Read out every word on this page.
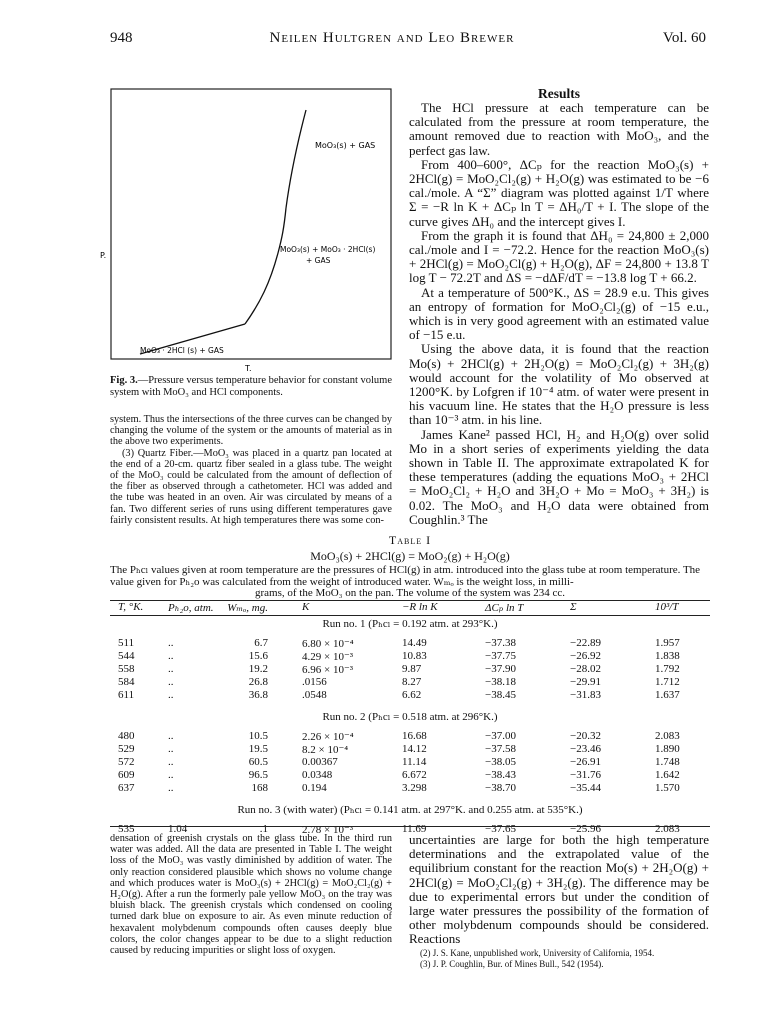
948	Neilen Hultgren and Leo Brewer	Vol. 60
MoO₃(s) + GAS
MoO₃(s) + MoO₃ · 2HCl(s)
+ GAS
MoO₃ · 2HCl (s) + GAS
P.
T.
Fig. 3.—Pressure versus temperature behavior for constant volume system with MoO₃ and HCl components.

system. Thus the intersections of the three curves can be changed by changing the volume of the system or the amounts of material as in the above two experiments.

(3) Quartz Fiber.—MoO₃ was placed in a quartz pan located at the end of a 20-cm. quartz fiber sealed in a glass tube. The weight of the MoO₃ could be calculated from the amount of deflection of the fiber as observed through a cathetometer. HCl was added and the tube was heated in an oven. Air was circulated by means of a fan. Two different series of runs using different temperatures gave fairly consistent results. At high temperatures there was some con-

Results

The HCl pressure at each temperature can be calculated from the pressure at room temperature, the amount removed due to reaction with MoO₃, and the perfect gas law.

From 400–600°, ΔCₚ for the reaction MoO₃(s) + 2HCl(g) = MoO₂Cl₂(g) + H₂O(g) was estimated to be −6 cal./mole. A “Σ” diagram was plotted against 1/T where Σ = −R ln K + ΔCₚ ln T = ΔH₀/T + I. The slope of the curve gives ΔH₀ and the intercept gives I.

From the graph it is found that ΔH₀ = 24,800 ± 2,000 cal./mole and I = −72.2. Hence for the reaction MoO₃(s) + 2HCl(g) = MoO₂Cl(g) + H₂O(g), ΔF = 24,800 + 13.8 T log T − 72.2T and ΔS = −dΔF/dT = −13.8 log T + 66.2.

At a temperature of 500°K., ΔS = 28.9 e.u. This gives an entropy of formation for MoO₂Cl₂(g) of −15 e.u., which is in very good agreement with an estimated value of −15 e.u.

Using the above data, it is found that the reaction Mo(s) + 2HCl(g) + 2H₂O(g) = MoO₂Cl₂(g) + 3H₂(g) would account for the volatility of Mo observed at 1200°K. by Lofgren if 10⁻⁴ atm. of water were present in his vacuum line. He states that the H₂O pressure is less than 10⁻³ atm. in his line.

James Kane² passed HCl, H₂ and H₂O(g) over solid Mo in a short series of experiments yielding the data shown in Table II. The approximate extrapolated K for these temperatures (adding the equations MoO₃ + 2HCl = MoO₂Cl₂ + H₂O and 3H₂O + Mo = MoO₃ + 3H₂) is 0.02. The MoO₃ and H₂O data were obtained from Coughlin.³ The

Table I
MoO₃(s) + 2HCl(g) = MoO₂(g) + H₂O(g)
The Pₕcₗ values given at room temperature are the pressures of HCl(g) in atm. introduced into the glass tube at room temperature. The value given for Pₕ₂o was calculated from the weight of introduced water. Wₘₒ is the weight loss, in milli-
grams, of the MoO₃ on the pan. The volume of the system was 234 cc.
T, °K. Pₕ₂o, atm. Wₘₒ, mg.	K	−R ln K	ΔCₚ ln T	Σ	10³/T
Run no. 1 (Pₕcₗ = 0.192 atm. at 293°K.)
511	..	6.7	6.80 × 10⁻⁴	14.49	−37.38	−22.89	1.957
544	..	15.6	4.29 × 10⁻³	10.83	−37.75	−26.92	1.838
558	..	19.2	6.96 × 10⁻³	9.87	−37.90	−28.02	1.792
584	..	26.8	.0156	8.27	−38.18	−29.91	1.712
611	..	36.8	.0548	6.62	−38.45	−31.83	1.637
Run no. 2 (Pₕcₗ = 0.518 atm. at 296°K.)
480	..	10.5	2.26 × 10⁻⁴	16.68	−37.00	−20.32	2.083
529	..	19.5	8.2 × 10⁻⁴	14.12	−37.58	−23.46	1.890
572	..	60.5	0.00367	11.14	−38.05	−26.91	1.748
609	..	96.5	0.0348	6.672	−38.43	−31.76	1.642
637	..	168	0.194	3.298	−38.70	−35.44	1.570
Run no. 3 (with water) (Pₕcₗ = 0.141 atm. at 297°K. and 0.255 atm. at 535°K.)
535	1.04	.1	2.78 × 10⁻³	11.69	−37.65	−25.96	2.083
densation of greenish crystals on the glass tube. In the third run water was added. All the data are presented in Table I. The weight loss of the MoO₃ was vastly diminished by addition of water. The only reaction considered plausible which shows no volume change and which produces water is MoO₃(s) + 2HCl(g) = MoO₂Cl₂(g) + H₂O(g). After a run the formerly pale yellow MoO₃ on the tray was bluish black. The greenish crystals which condensed on cooling turned dark blue on exposure to air. As even minute reduction of hexavalent molybdenum compounds often causes deeply blue colors, the color changes appear to be due to a slight reduction caused by reducing impurities or slight loss of oxygen.
uncertainties are large for both the high temperature determinations and the extrapolated value of the equilibrium constant for the reaction Mo(s) + 2H₂O(g) + 2HCl(g) = MoO₂Cl₂(g) + 3H₂(g). The difference may be due to experimental errors but under the condition of large water pressures the possibility of the formation of other molybdenum compounds should be considered. Reactions
(2) J. S. Kane, unpublished work, University of California, 1954.
(3) J. P. Coughlin, Bur. of Mines Bull., 542 (1954).
